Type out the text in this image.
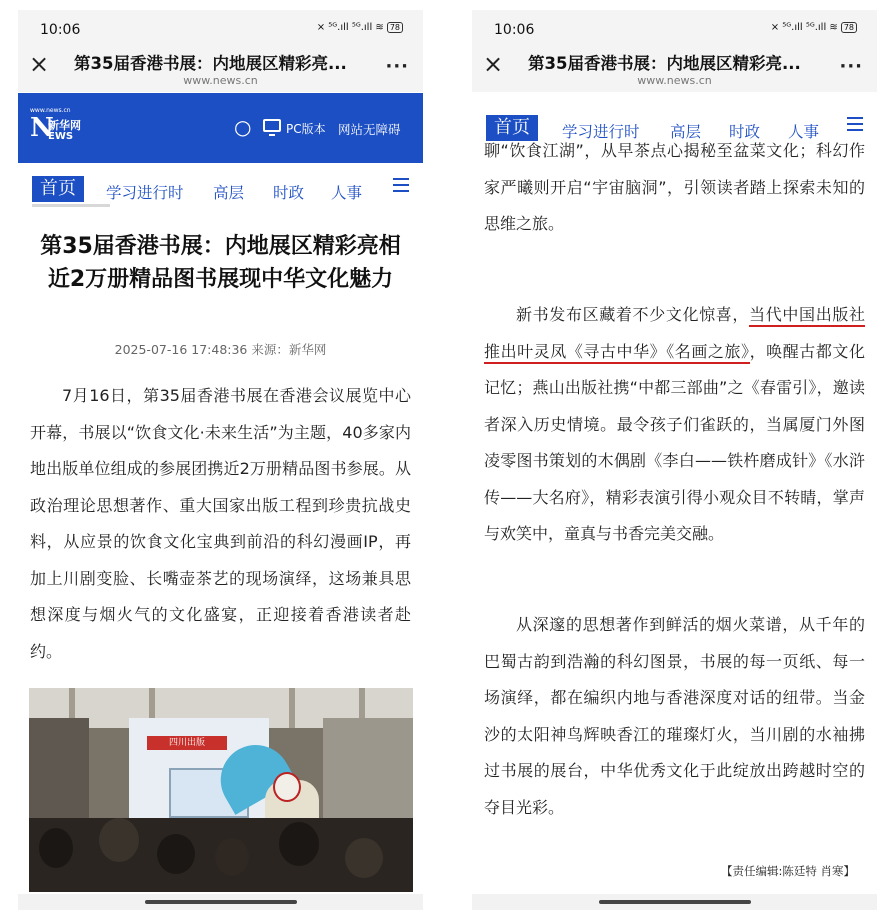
10:06	⨯ ⁵ᴳ.ıll ⁵ᴳ.ıll ≋ 78
× 第35届香港书展：内地展区精彩亮...
www.news.cn
···
www.news.cn
N
新华网
EWS	○	PC版本 网站无障碍
首页	学习进行时 高层 时政 人事
第35届香港书展：内地展区精彩亮相 近2万册精品图书展现中华文化魅力
2025-07-16 17:48:36 来源：新华网
7月16日，第35届香港书展在香港会议展览中心开幕，书展以“饮食文化·未来生活”为主题，40多家内地出版单位组成的参展团携近2万册精品图书参展。从政治理论思想著作、重大国家出版工程到珍贵抗战史料，从应景的饮食文化宝典到前沿的科幻漫画IP，再加上川剧变脸、长嘴壶茶艺的现场演绎，这场兼具思想深度与烟火气的文化盛宴，正迎接着香港读者赴约。
四川出版
10:06	⨯ ⁵ᴳ.ıll ⁵ᴳ.ıll ≋ 78
× 第35届香港书展：内地展区精彩亮...
www.news.cn
···
首页	学习进行时 高层 时政 人事
聊“饮食江湖”，从早茶点心揭秘至盆菜文化；科幻作家严曦则开启“宇宙脑洞”，引领读者踏上探索未知的思维之旅。
新书发布区藏着不少文化惊喜，当代中国出版社推出叶灵凤《寻古中华》《名画之旅》，唤醒古都文化记忆；燕山出版社携“中都三部曲”之《春雷引》，邀读者深入历史情境。最令孩子们雀跃的，当属厦门外图凌零图书策划的木偶剧《李白——铁杵磨成针》《水浒传——大名府》，精彩表演引得小观众目不转睛，掌声与欢笑中，童真与书香完美交融。
从深邃的思想著作到鲜活的烟火菜谱，从千年的巴蜀古韵到浩瀚的科幻图景，书展的每一页纸、每一场演绎，都在编织内地与香港深度对话的纽带。当金沙的太阳神鸟辉映香江的璀璨灯火，当川剧的水袖拂过书展的展台，中华优秀文化于此绽放出跨越时空的夺目光彩。
【责任编辑:陈廷特 肖寒】
